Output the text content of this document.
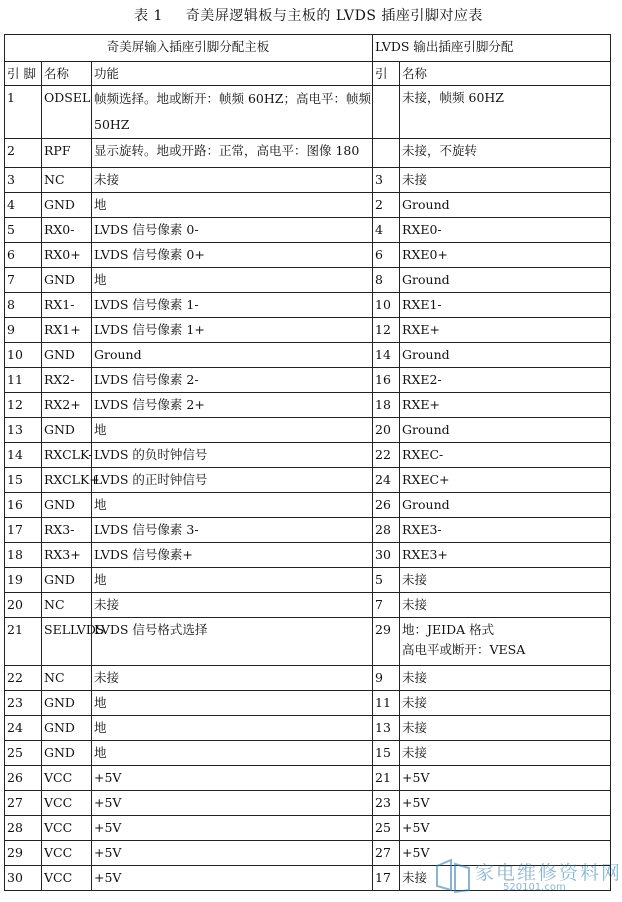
表 1 奇美屏逻辑板与主板的 LVDS 插座引脚对应表
奇美屏输入插座引脚分配主板			LVDS 输出插座引脚分配	
引 脚	名称	功能	引	名称
1	ODSEL	帧频选择。地或断开：帧频 60HZ；高电平：帧频 50HZ		未接，帧频 60HZ
2	RPF	显示旋转。地或开路：正常，高电平：图像 180		未接，不旋转
3	NC	未接	3	未接
4	GND	地	2	Ground
5	RX0-	LVDS 信号像素 0-	4	RXE0-
6	RX0+	LVDS 信号像素 0+	6	RXE0+
7	GND	地	8	Ground
8	RX1-	LVDS 信号像素 1-	10	RXE1-
9	RX1+	LVDS 信号像素 1+	12	RXE+
10	GND	Ground	14	Ground
11	RX2-	LVDS 信号像素 2-	16	RXE2-
12	RX2+	LVDS 信号像素 2+	18	RXE+
13	GND	地	20	Ground
14	RXCLK-	LVDS 的负时钟信号	22	RXEC-
15	RXCLK+	LVDS 的正时钟信号	24	RXEC+
16	GND	地	26	Ground
17	RX3-	LVDS 信号像素 3-	28	RXE3-
18	RX3+	LVDS 信号像素+	30	RXE3+
19	GND	地	5	未接
20	NC	未接	7	未接
21	SELLVDS	LVDS 信号格式选择	29	地：JEIDA 格式
高电平或断开：VESA

22	NC	未接	9	未接
23	GND	地	11	未接
24	GND	地	13	未接
25	GND	地	15	未接
26	VCC	+5V	21	+5V
27	VCC	+5V	23	+5V
28	VCC	+5V	25	+5V
29	VCC	+5V	27	+5V
30	VCC	+5V	17	未接	家电维修资料网
520101.com
